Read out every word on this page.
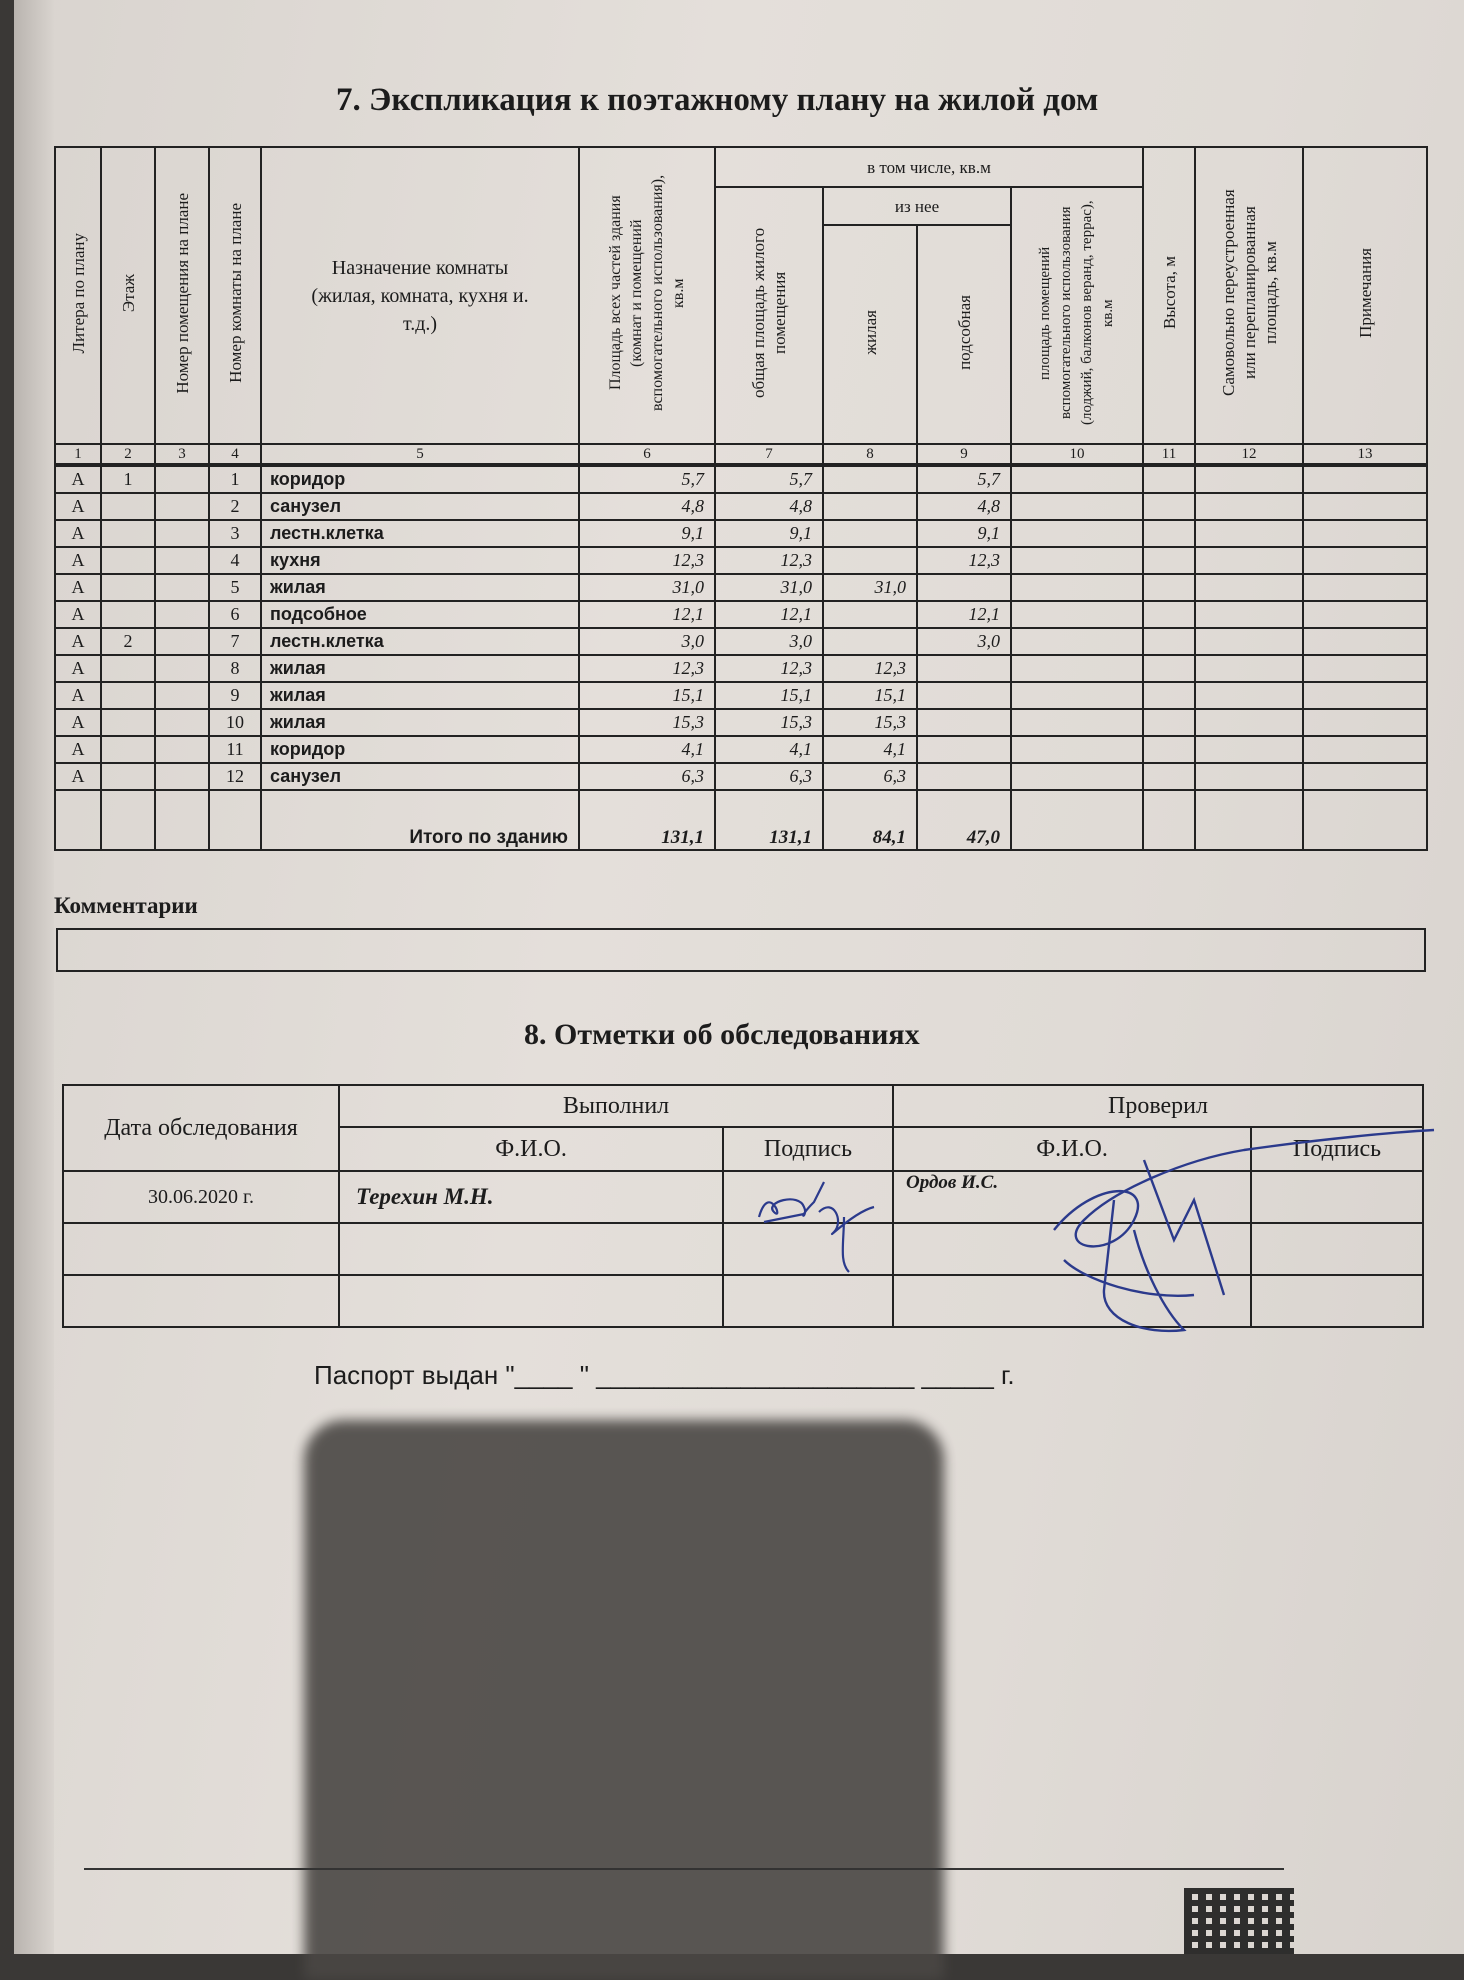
7. Экспликация к поэтажному плану на жилой дом
Литера по плану	Этаж	Номер помещения на плане	Номер комнаты на плане	Назначение комнаты (жилая, комната, кухня и. т.д.)	Площадь всех частей здания (комнат и помещений вспомогательного использования), кв.м	в том числе, кв.м				Высота, м	Самовольно переустроенная или перепланированная площадь, кв.м	Примечания
						общая площадь жилого помещения	из нее		площадь помещений вспомогательного использования (лоджий, балконов веранд, террас), кв.м			
							жилая	подсобная				
1	2	3	4	5	6	7	8	9	10	11	12	13
А	1		1	коридор	5,7	5,7		5,7				
А			2	санузел	4,8	4,8		4,8				
А			3	лестн.клетка	9,1	9,1		9,1				
А			4	кухня	12,3	12,3		12,3				
А			5	жилая	31,0	31,0	31,0					
А			6	подсобное	12,1	12,1		12,1				
А	2		7	лестн.клетка	3,0	3,0		3,0				
А			8	жилая	12,3	12,3	12,3					
А			9	жилая	15,1	15,1	15,1					
А			10	жилая	15,3	15,3	15,3					
А			11	коридор	4,1	4,1	4,1					
А			12	санузел	6,3	6,3	6,3					
				Итого по зданию	131,1	131,1	84,1	47,0				
Комментарии
8. Отметки об обследованиях
Дата обследования	Выполнил		Проверил	
	Ф.И.О.	Подпись	Ф.И.О.	Подпись
30.06.2020 г.	Терехин М.Н.		Ордов И.С.	

Паспорт выдан "____ " ______________________ _____ г.
